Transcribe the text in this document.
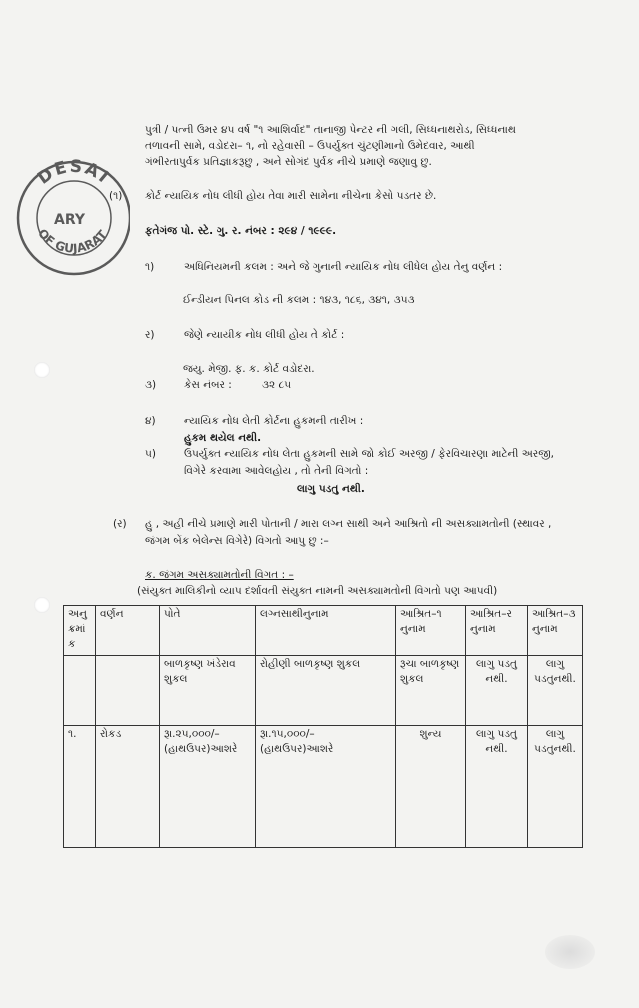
DESAI
ARY
OF GUJARAT
પુત્રી / પત્ની ઉમર ૪૫ વર્ષ "૧ આશિર્વાદ" તાનાજી પેન્ટર ની ગલી, સિધ્ધનાથરોડ, સિધ્ધનાથ
તળાવની સામે, વડોદરા– ૧, નો રહેવાસી – ઉપર્યુક્ત ચુંટણીમાનો ઉમેદવાર, આથી
ગંભીરતાપુર્વક પ્રતિજ્ઞાકરૂછુ , અને સોગંદ પુર્વક નીચે પ્રમાણે જણાવુ છુ.
(૧) કોર્ટ ન્યાયિક નોધ લીધી હોય તેવા મારી સામેના નીચેના કેસો પડતર છે.
ફતેગંજ પો. સ્ટે. ગુ. ર. નંબર : ૨૯૪ / ૧૯૯૯.
૧)	અધિનિયમની કલમ : અને જે ગુનાની ન્યાયિક નોધ લીધેલ હોય તેનુ વર્ણન :
ઈન્ડીયન પિનલ કોડ ની કલમ : ૧૪૩, ૧૮૬, ૩૪૧, ૩૫૩
ર)	જેણે ન્યાયીક નોધ લીધી હોય તે કોર્ટ :
જયુ. મેજી. ફ. ક. કોર્ટ વડોદરા.
૩)	કેસ નંબર :	૩૨ ૮૫
૪)	ન્યાયિક નોધ લેતી કોર્ટના હુકમની તારીખ :
હુકમ થયેલ નથી.
૫)	ઉપર્યુક્ત ન્યાયિક નોધ લેતા હુકમની સામે જો કોઈ અરજી / ફેરવિચારણા માટેની અરજી,
વિગેરે કરવામા આવેલહોય , તો તેની વિગતો :
લાગુ પડતુ નથી.
(ર) હુ , અહી નીચે પ્રમાણે મારી પોતાની / મારા લગ્ન સાથી અને આશ્રિતો ની અસક્યામતોની (સ્થાવર ,
જંગમ બેંક બેલેન્સ વિગેરે) વિગતો આપુ છુ :–
ક. જંગમ અસક્યામતોની વિગત : –
(સંયુક્ત માલિકીનો વ્યાપ દર્શાવતી સંયુક્ત નામની અસક્યામતોની વિગતો પણ આપવી)
અનુ ક્રમાં ક	વર્ણન	પોતે	લગ્નસાથીનુનામ	આશ્રિત–૧ નુનામ	આશ્રિત–ર નુનામ	આશ્રિત–૩ નુનામ
		બાળકૃષ્ણ ખંડેરાવ શુકલ	રોહીણી બાળકૃષ્ણ શુકલ	રૂચા બાળકૃષ્ણ શુકલ	લાગુ પડતુ નથી.	લાગુ પડતુનથી.
૧.	રોકડ	રૂા.૨૫,૦૦૦/– (હાથઉપર)આશરે	રૂા.૧૫,૦૦૦/– (હાથઉપર)આશરે	શુન્ય	લાગુ પડતુ નથી.	લાગુ પડતુનથી.
